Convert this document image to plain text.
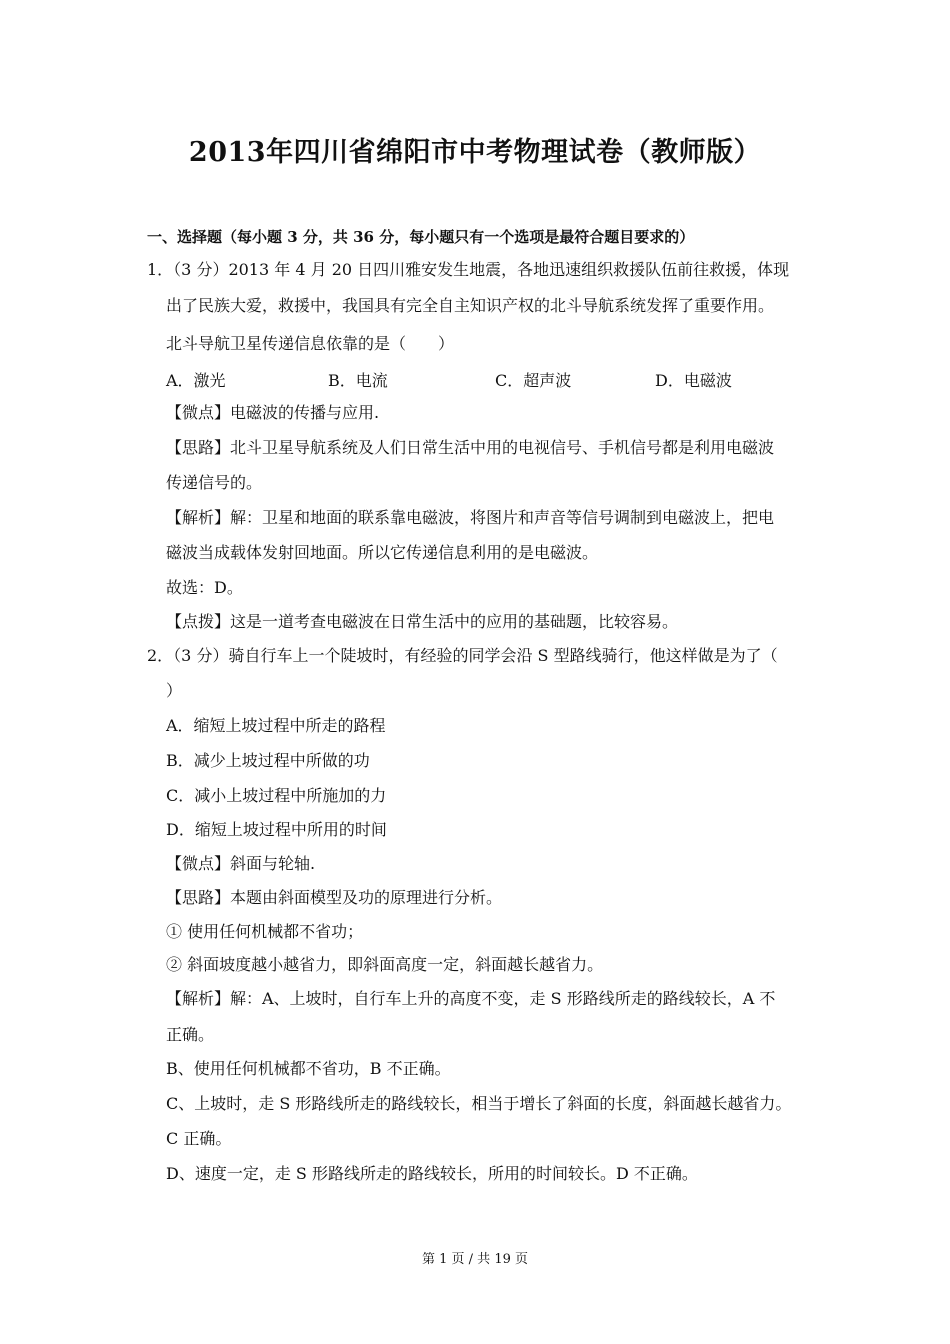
2013年四川省绵阳市中考物理试卷（教师版）
一、选择题（每小题 3 分，共 36 分，每小题只有一个选项是最符合题目要求的）
1．（3 分）2013 年 4 月 20 日四川雅安发生地震，各地迅速组织救援队伍前往救援，体现
出了民族大爱，救援中，我国具有完全自主知识产权的北斗导航系统发挥了重要作用。
北斗导航卫星传递信息依靠的是（　　）
A．激光	B．电流	C．超声波	D．电磁波
【微点】电磁波的传播与应用.
【思路】北斗卫星导航系统及人们日常生活中用的电视信号、手机信号都是利用电磁波
传递信号的。
【解析】解：卫星和地面的联系靠电磁波，将图片和声音等信号调制到电磁波上，把电
磁波当成载体发射回地面。所以它传递信息利用的是电磁波。
故选：D。
【点拨】这是一道考查电磁波在日常生活中的应用的基础题，比较容易。
2．（3 分）骑自行车上一个陡坡时，有经验的同学会沿 S 型路线骑行，他这样做是为了（
）
A．缩短上坡过程中所走的路程
B．减少上坡过程中所做的功
C．减小上坡过程中所施加的力
D．缩短上坡过程中所用的时间
【微点】斜面与轮轴.
【思路】本题由斜面模型及功的原理进行分析。
① 使用任何机械都不省功；
② 斜面坡度越小越省力，即斜面高度一定，斜面越长越省力。
【解析】解：A、上坡时，自行车上升的高度不变，走 S 形路线所走的路线较长，A 不
正确。
B、使用任何机械都不省功，B 不正确。
C、上坡时，走 S 形路线所走的路线较长，相当于增长了斜面的长度，斜面越长越省力。
C 正确。
D、速度一定，走 S 形路线所走的路线较长，所用的时间较长。D 不正确。
第 1 页 / 共 19 页
